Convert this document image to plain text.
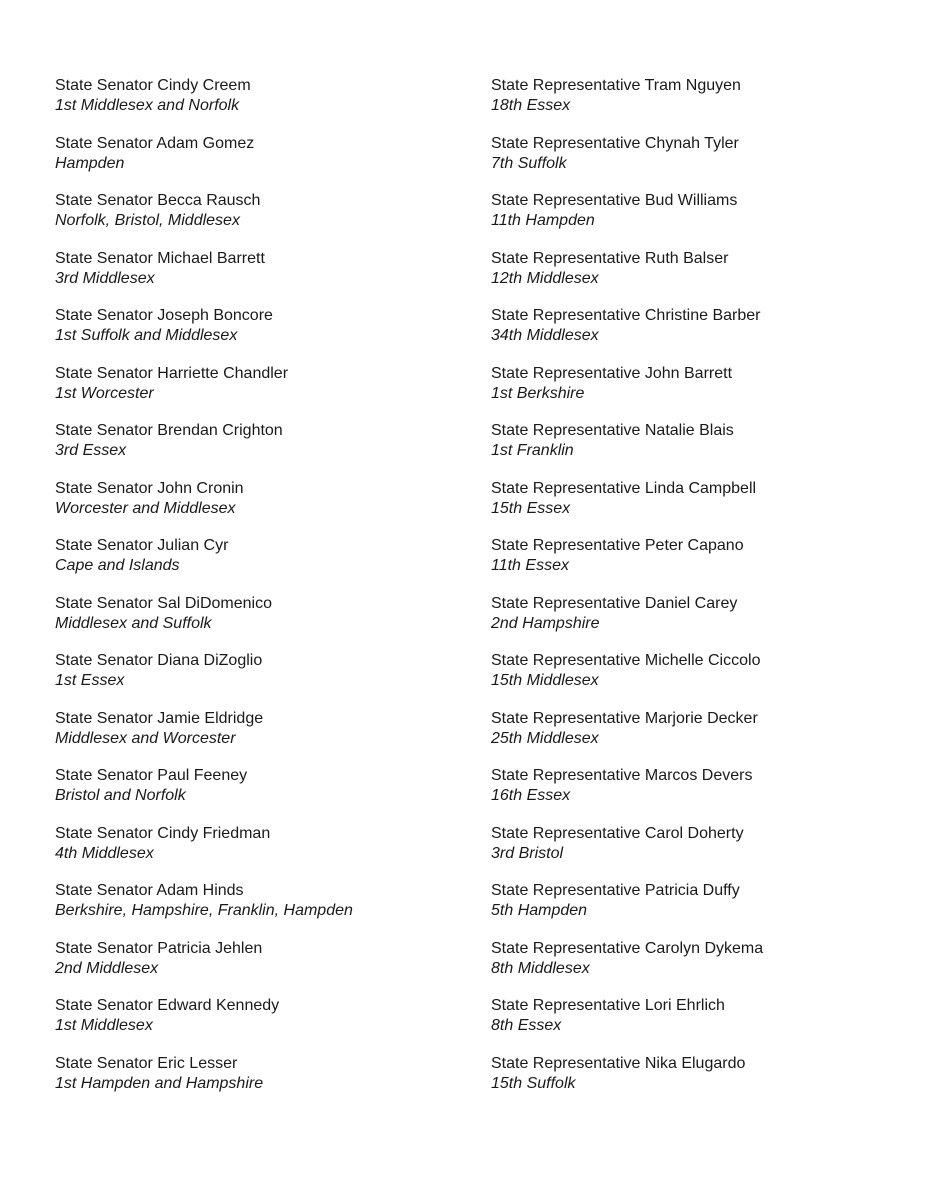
State Senator Cindy Creem
1st Middlesex and Norfolk
State Senator Adam Gomez
Hampden
State Senator Becca Rausch
Norfolk, Bristol, Middlesex
State Senator Michael Barrett
3rd Middlesex
State Senator Joseph Boncore
1st Suffolk and Middlesex
State Senator Harriette Chandler
1st Worcester
State Senator Brendan Crighton
3rd Essex
State Senator John Cronin
Worcester and Middlesex
State Senator Julian Cyr
Cape and Islands
State Senator Sal DiDomenico
Middlesex and Suffolk
State Senator Diana DiZoglio
1st Essex
State Senator Jamie Eldridge
Middlesex and Worcester
State Senator Paul Feeney
Bristol and Norfolk
State Senator Cindy Friedman
4th Middlesex
State Senator Adam Hinds
Berkshire, Hampshire, Franklin, Hampden
State Senator Patricia Jehlen
2nd Middlesex
State Senator Edward Kennedy
1st Middlesex
State Senator Eric Lesser
1st Hampden and Hampshire
State Representative Tram Nguyen
18th Essex
State Representative Chynah Tyler
7th Suffolk
State Representative Bud Williams
11th Hampden
State Representative Ruth Balser
12th Middlesex
State Representative Christine Barber
34th Middlesex
State Representative John Barrett
1st Berkshire
State Representative Natalie Blais
1st Franklin
State Representative Linda Campbell
15th Essex
State Representative Peter Capano
11th Essex
State Representative Daniel Carey
2nd Hampshire
State Representative Michelle Ciccolo
15th Middlesex
State Representative Marjorie Decker
25th Middlesex
State Representative Marcos Devers
16th Essex
State Representative Carol Doherty
3rd Bristol
State Representative Patricia Duffy
5th Hampden
State Representative Carolyn Dykema
8th Middlesex
State Representative Lori Ehrlich
8th Essex
State Representative Nika Elugardo
15th Suffolk
